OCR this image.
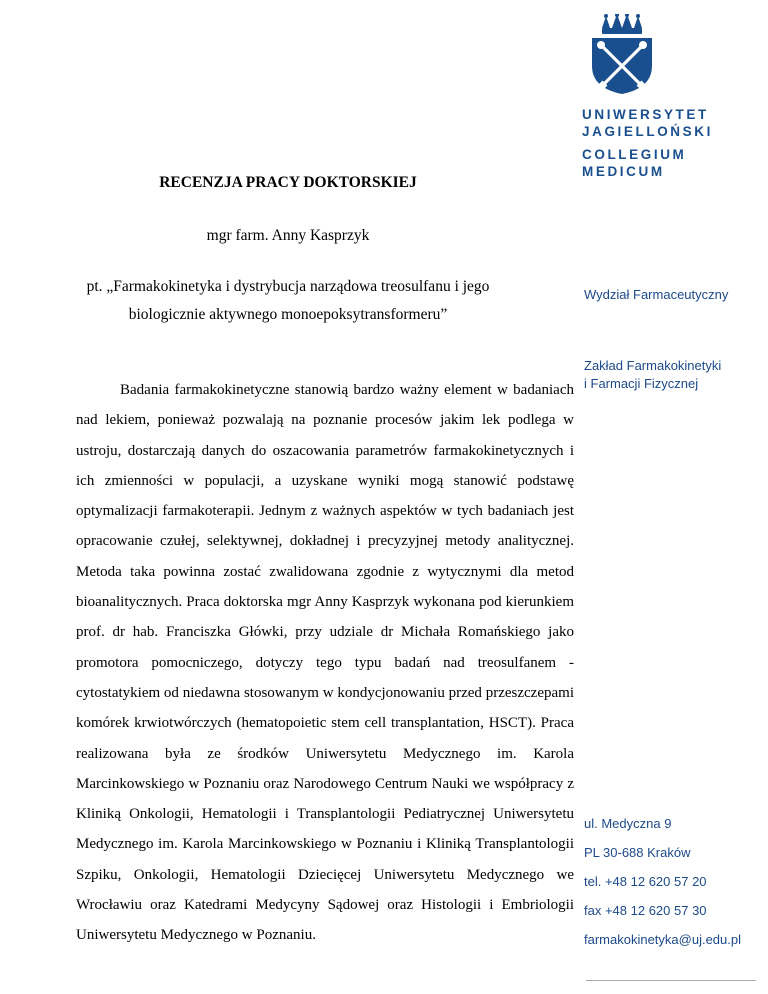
UNIWERSYTET
JAGIELLOŃSKI
COLLEGIUM
MEDICUM
Wydział Farmaceutyczny
Zakład Farmakokinetyki
i Farmacji Fizycznej
ul. Medyczna 9
PL 30-688 Kraków
tel. +48 12 620 57 20
fax +48 12 620 57 30
farmakokinetyka@uj.edu.pl
RECENZJA PRACY DOKTORSKIEJ
mgr farm. Anny Kasprzyk
pt. „Farmakokinetyka i dystrybucja narządowa treosulfanu i jego
biologicznie aktywnego monoepoksytransformeru”

Badania farmakokinetyczne stanowią bardzo ważny element w badaniach nad lekiem, ponieważ pozwalają na poznanie procesów jakim lek podlega w ustroju, dostarczają danych do oszacowania parametrów farmakokinetycznych i ich zmienności w populacji, a uzyskane wyniki mogą stanowić podstawę optymalizacji farmakoterapii. Jednym z ważnych aspektów w tych badaniach jest opracowanie czułej, selektywnej, dokładnej i precyzyjnej metody analitycznej. Metoda taka powinna zostać zwalidowana zgodnie z wytycznymi dla metod bioanalitycznych. Praca doktorska mgr Anny Kasprzyk wykonana pod kierunkiem prof. dr hab. Franciszka Główki, przy udziale dr Michała Romańskiego jako promotora pomocniczego, dotyczy tego typu badań nad treosulfanem - cytostatykiem od niedawna stosowanym w kondycjonowaniu przed przeszczepami komórek krwiotwórczych (hematopoietic stem cell transplantation, HSCT). Praca realizowana była ze środków Uniwersytetu Medycznego im. Karola Marcinkowskiego w Poznaniu oraz Narodowego Centrum Nauki we współpracy z Kliniką Onkologii, Hematologii i Transplantologii Pediatrycznej Uniwersytetu Medycznego im. Karola Marcinkowskiego w Poznaniu i Kliniką Transplantologii Szpiku, Onkologii, Hematologii Dziecięcej Uniwersytetu Medycznego we Wrocławiu oraz Katedrami Medycyny Sądowej oraz Histologii i Embriologii Uniwersytetu Medycznego w Poznaniu.
